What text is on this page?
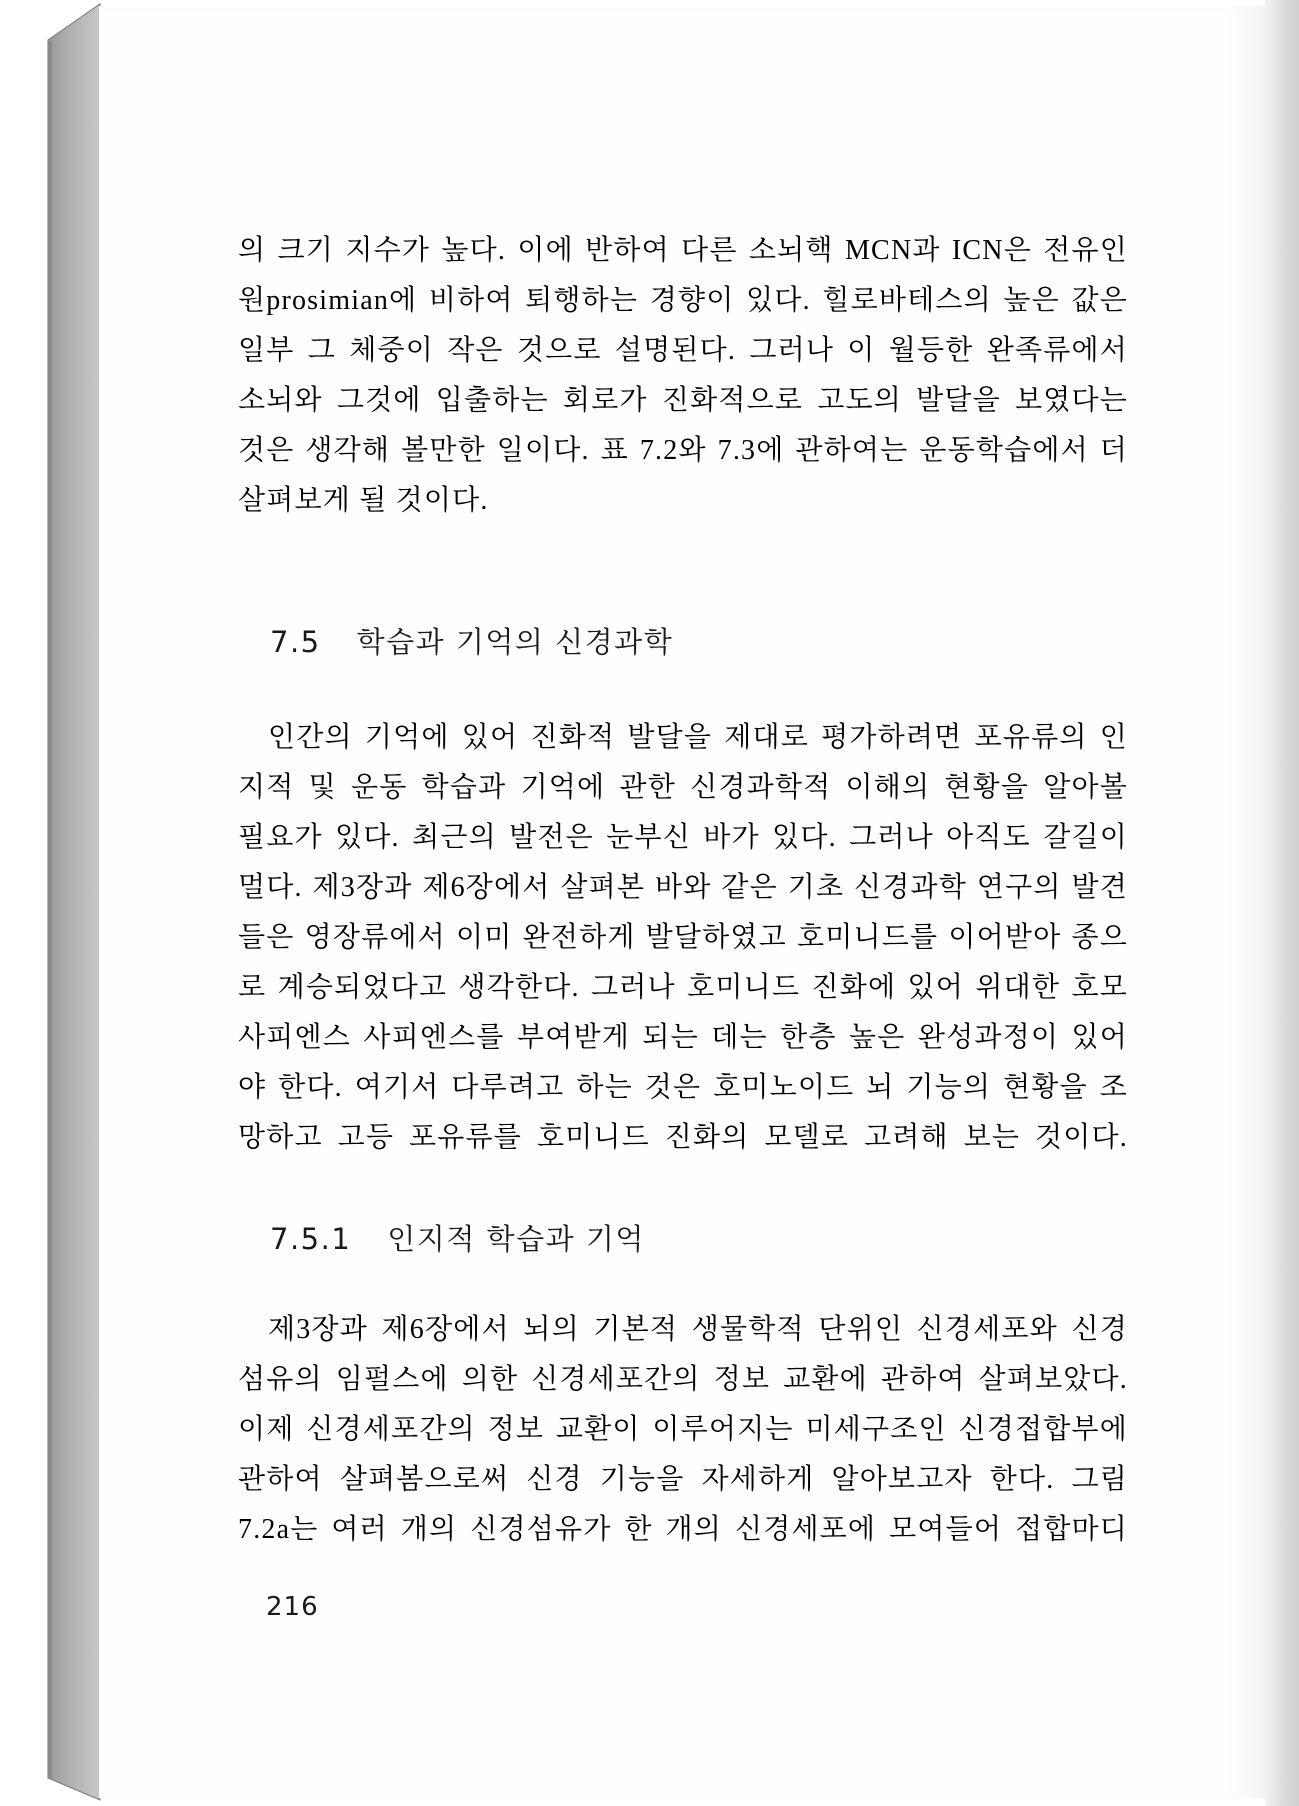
의 크기 지수가 높다. 이에 반하여 다른 소뇌핵 MCN과 ICN은 전유인
원prosimian에 비하여 퇴행하는 경향이 있다. 힐로바테스의 높은 값은
일부 그 체중이 작은 것으로 설명된다. 그러나 이 월등한 완족류에서
소뇌와 그것에 입출하는 회로가 진화적으로 고도의 발달을 보였다는
것은 생각해 볼만한 일이다. 표 7.2와 7.3에 관하여는 운동학습에서 더
살펴보게 될 것이다.
7.5 학습과 기억의 신경과학
인간의 기억에 있어 진화적 발달을 제대로 평가하려면 포유류의 인
지적 및 운동 학습과 기억에 관한 신경과학적 이해의 현황을 알아볼
필요가 있다. 최근의 발전은 눈부신 바가 있다. 그러나 아직도 갈길이
멀다. 제3장과 제6장에서 살펴본 바와 같은 기초 신경과학 연구의 발견
들은 영장류에서 이미 완전하게 발달하였고 호미니드를 이어받아 종으
로 계승되었다고 생각한다. 그러나 호미니드 진화에 있어 위대한 호모
사피엔스 사피엔스를 부여받게 되는 데는 한층 높은 완성과정이 있어
야 한다. 여기서 다루려고 하는 것은 호미노이드 뇌 기능의 현황을 조
망하고 고등 포유류를 호미니드 진화의 모델로 고려해 보는 것이다.
7.5.1 인지적 학습과 기억
제3장과 제6장에서 뇌의 기본적 생물학적 단위인 신경세포와 신경
섬유의 임펄스에 의한 신경세포간의 정보 교환에 관하여 살펴보았다.
이제 신경세포간의 정보 교환이 이루어지는 미세구조인 신경접합부에
관하여 살펴봄으로써 신경 기능을 자세하게 알아보고자 한다. 그림
7.2a는 여러 개의 신경섬유가 한 개의 신경세포에 모여들어 접합마디
216
